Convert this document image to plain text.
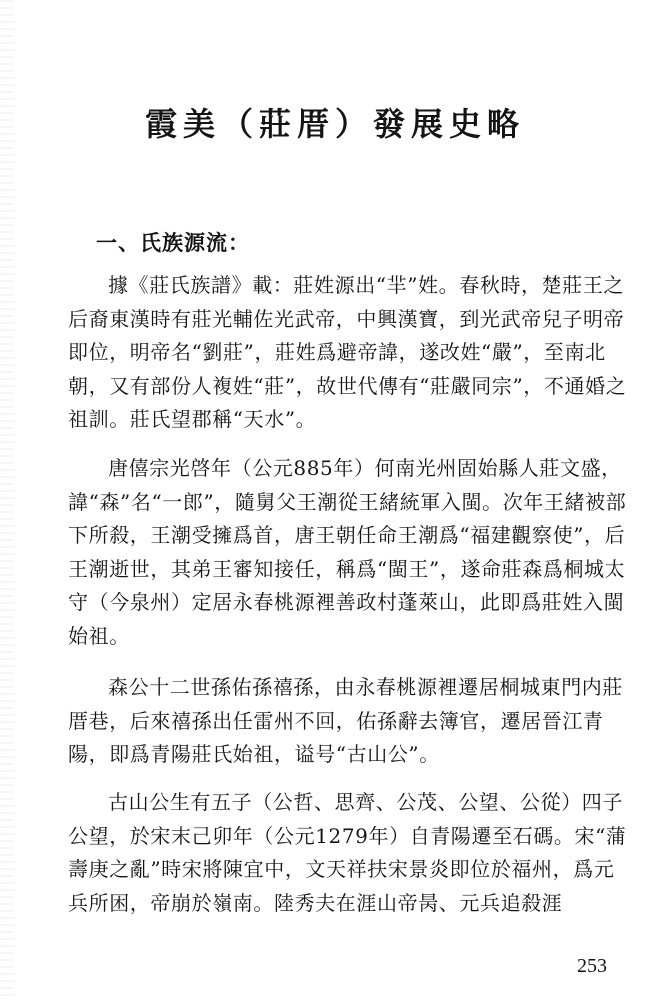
霞美（莊厝）發展史略
一、氏族源流：

據《莊氏族譜》載：莊姓源出“羋”姓。春秋時，楚莊王之后裔東漢時有莊光輔佐光武帝，中興漢寶，到光武帝兒子明帝即位，明帝名“劉莊”，莊姓爲避帝諱，遂改姓“嚴”，至南北朝，又有部份人複姓“莊”，故世代傳有“莊嚴同宗”，不通婚之祖訓。莊氏望郡稱“天水”。

唐僖宗光啓年（公元885年）何南光州固始縣人莊文盛，諱“森”名“一郎”，隨舅父王潮從王緒統軍入閩。次年王緒被部下所殺，王潮受擁爲首，唐王朝任命王潮爲“福建觀察使”，后王潮逝世，其弟王審知接任，稱爲“閩王”，遂命莊森爲桐城太守（今泉州）定居永春桃源裡善政村蓬萊山，此即爲莊姓入閩始祖。

森公十二世孫佑孫禧孫，由永春桃源裡遷居桐城東門内莊厝巷，后來禧孫出任雷州不回，佑孫辭去簿官，遷居晉江青陽，即爲青陽莊氏始祖，谥号“古山公”。

古山公生有五子（公哲、思齊、公茂、公望、公從）四子公望，於宋末己卯年（公元1279年）自青陽遷至石碼。宋“蒲壽庚之亂”時宋將陳宜中，文天祥扶宋景炎即位於福州，爲元兵所困，帝崩於嶺南。陸秀夫在涯山帝昺、元兵追殺涯

253
